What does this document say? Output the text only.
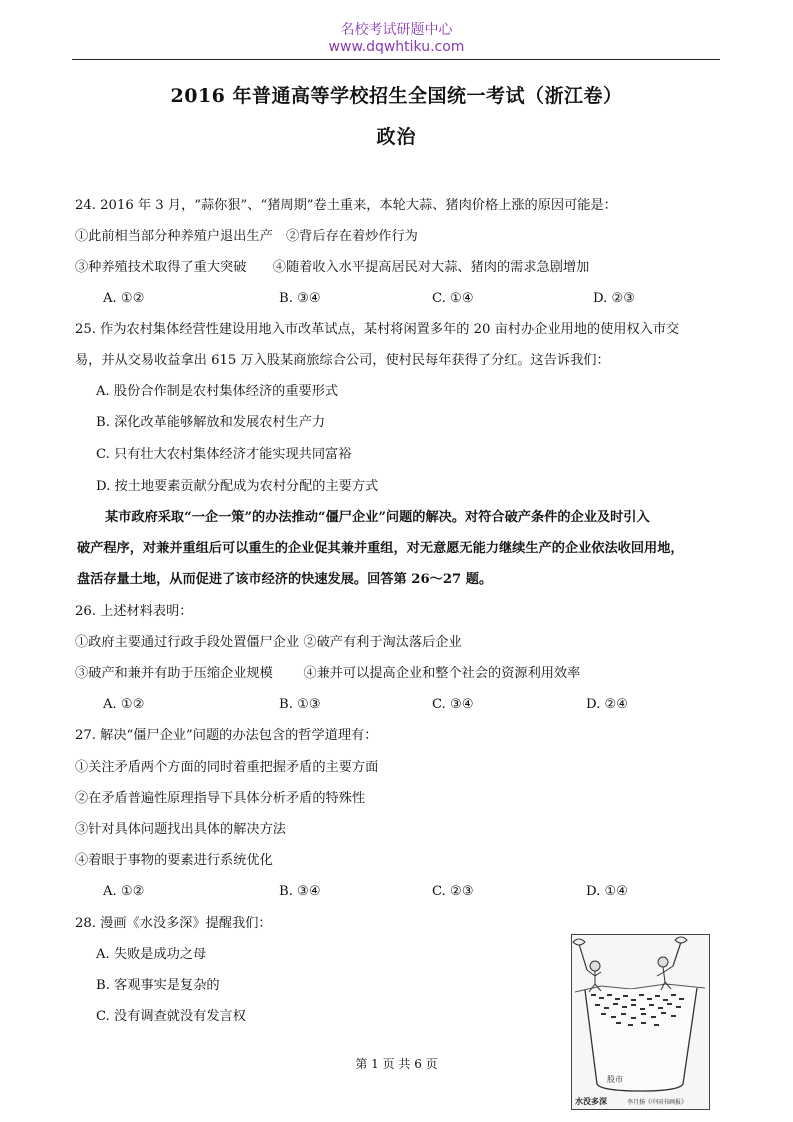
名校考试研题中心
www.dqwhtiku.com
2016 年普通高等学校招生全国统一考试（浙江卷）
政治
24. 2016 年 3 月，“蒜你狠”、“猪周期”卷土重来，本轮大蒜、猪肉价格上涨的原因可能是：
①此前相当部分种养殖户退出生产　②背后存在着炒作行为
③种养殖技术取得了重大突破　　④随着收入水平提高居民对大蒜、猪肉的需求急剧增加
A. ①②	B. ③④	C. ①④	D. ②③
25. 作为农村集体经营性建设用地入市改革试点，某村将闲置多年的 20 亩村办企业用地的使用权入市交
易，并从交易收益拿出 615 万入股某商旅综合公司，使村民每年获得了分红。这告诉我们：
A. 股份合作制是农村集体经济的重要形式
B. 深化改革能够解放和发展农村生产力
C. 只有壮大农村集体经济才能实现共同富裕
D. 按土地要素贡献分配成为农村分配的主要方式
某市政府采取“一企一策”的办法推动“僵尸企业”问题的解决。对符合破产条件的企业及时引入
破产程序，对兼并重组后可以重生的企业促其兼并重组，对无意愿无能力继续生产的企业依法收回用地，
盘活存量土地，从而促进了该市经济的快速发展。回答第 26～27 题。
26. 上述材料表明：
①政府主要通过行政手段处置僵尸企业 ②破产有利于淘汰落后企业
③破产和兼并有助于压缩企业规模　　 ④兼并可以提高企业和整个社会的资源利用效率
A. ①②	B. ①③	C. ③④	D. ②④
27. 解决“僵尸企业”问题的办法包含的哲学道理有：
①关注矛盾两个方面的同时着重把握矛盾的主要方面
②在矛盾普遍性原理指导下具体分析矛盾的特殊性
③针对具体问题找出具体的解决方法
④着眼于事物的要素进行系统优化
A. ①②	B. ③④	C. ②③	D. ①④
28. 漫画《水没多深》提醒我们：
A. 失败是成功之母
B. 客观事实是复杂的
C. 没有调查就没有发言权
股市
水没多深	李月扬《中国书画报》
第 1 页 共 6 页
